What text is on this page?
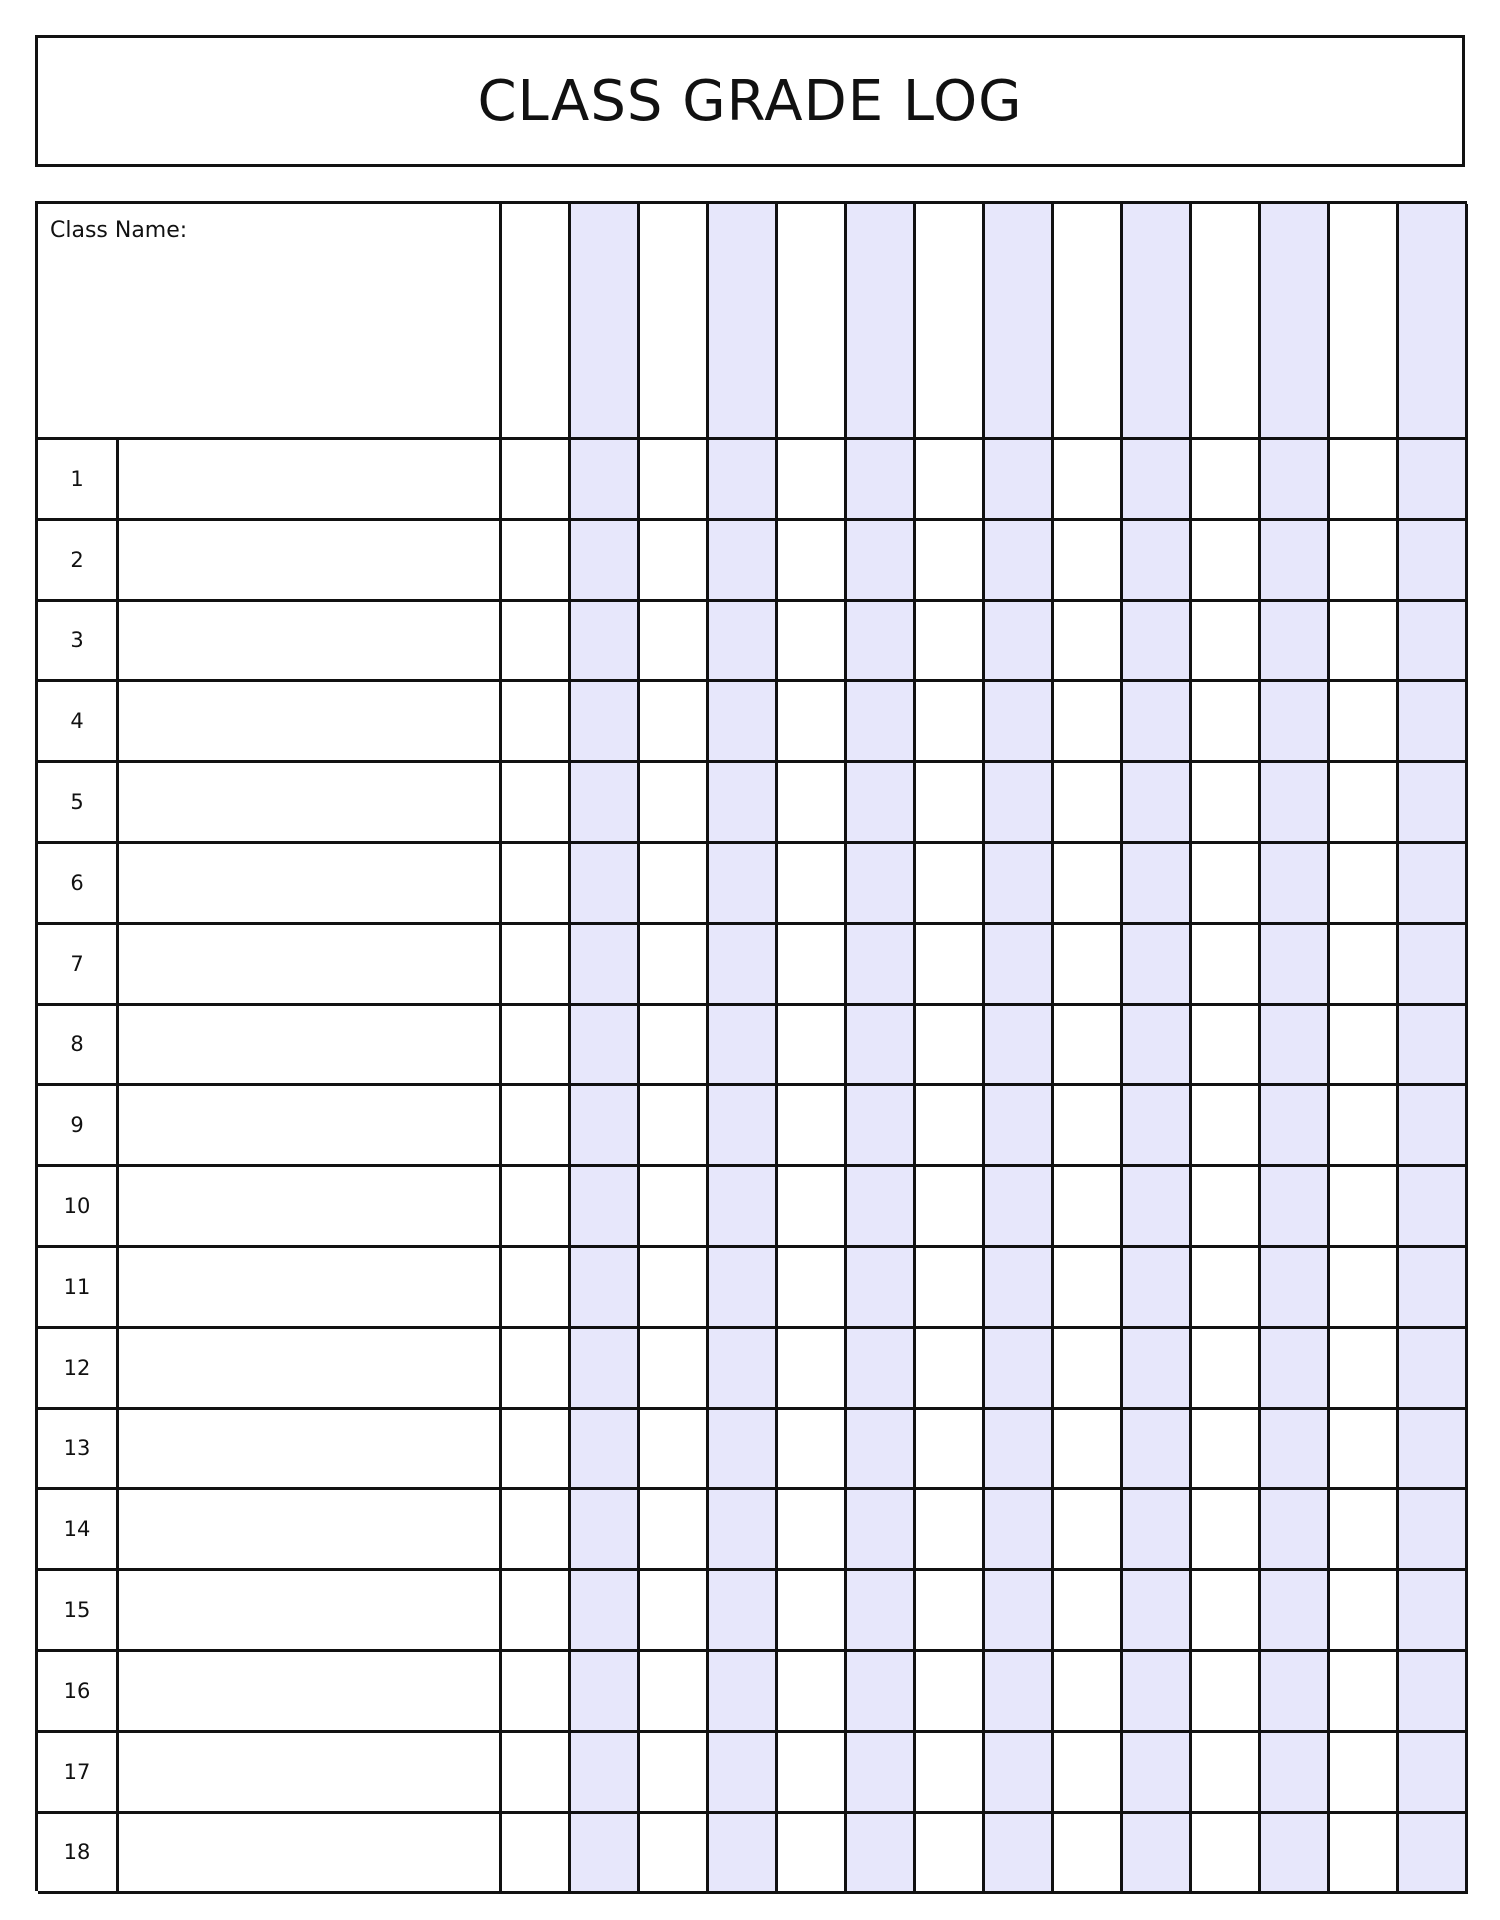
CLASS GRADE LOG
Class Name:
1
2
3
4
5
6
7
8
9
10
11
12
13
14
15
16
17
18
